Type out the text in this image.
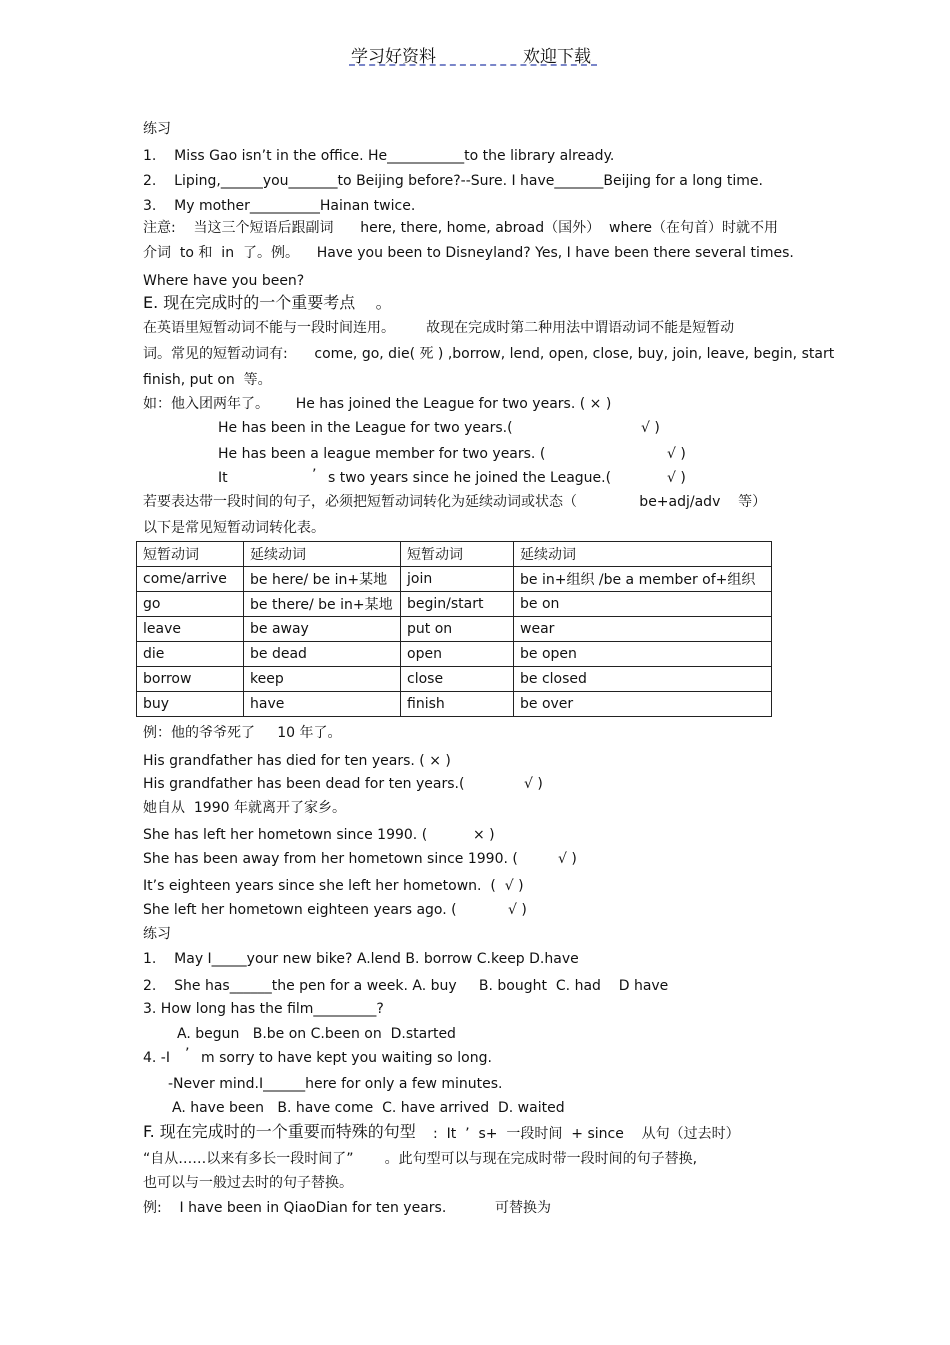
学习好资料	欢迎下载
练习
1.    Miss Gao isn’t in the office. He___________to the library already.
2.    Liping,______you_______to Beijing before?--Sure. I have_______Beijing for a long time.
3.    My mother__________Hainan twice.
注意:    当这三个短语后跟副词      here, there, home, abroad（国外）  where（在句首）时就不用
介词  to 和  in  了。例。    Have you been to Disneyland? Yes, I have been there several times.
Where have you been?
E. 现在完成时的一个重要考点    。
在英语里短暂动词不能与一段时间连用。       故现在完成时第二种用法中谓语动词不能是短暂动
词。常见的短暂动词有:      come, go, die( 死 ) ,borrow, lend, open, close, buy, join, leave, begin, start
finish, put on  等。
如：他入团两年了。      He has joined the League for two years. ( × )
He has been in the League for two years.(	√ )
He has been a league member for two years. (	√ )
It	’ s two years since he joined the League.(	√ )
若要表达带一段时间的句子，必须把短暂动词转化为延续动词或状态（              be+adj/adv    等）
以下是常见短暂动词转化表。
短暂动词	延续动词	短暂动词	延续动词
come/arrive	be here/ be in+某地	join	be in+组织 /be a member of+组织
go	be there/ be in+某地	begin/start	be on
leave	be away	put on	wear
die	be dead	open	be open
borrow	keep	close	be closed
buy	have	finish	be over
例：他的爷爷死了     10 年了。
His grandfather has died for ten years. ( × )
His grandfather has been dead for ten years.(	√ )
她自从  1990 年就离开了家乡。
She has left her hometown since 1990. (	× )
She has been away from her hometown since 1990. (	√ )
It’s eighteen years since she left her hometown.  (  √ )
She left her hometown eighteen years ago. (	√ )
练习
1.    May I_____your new bike? A.lend B. borrow C.keep D.have
2.    She has______the pen for a week. A. buy     B. bought  C. had    D have
3. How long has the film_________?
A. begun   B.be on C.been on  D.started
4. -I ’ m sorry to have kept you waiting so long.
-Never mind.I______here for only a few minutes.
A. have been   B. have come  C. have arrived  D. waited
F. 现在完成时的一个重要而特殊的句型 :  It  ’  s+  一段时间  + since    从句（过去时）
“自从……以来有多长一段时间了”       。此句型可以与现在完成时带一段时间的句子替换,
也可以与一般过去时的句子替换。
例:    I have been in QiaoDian for ten years.	可替换为
